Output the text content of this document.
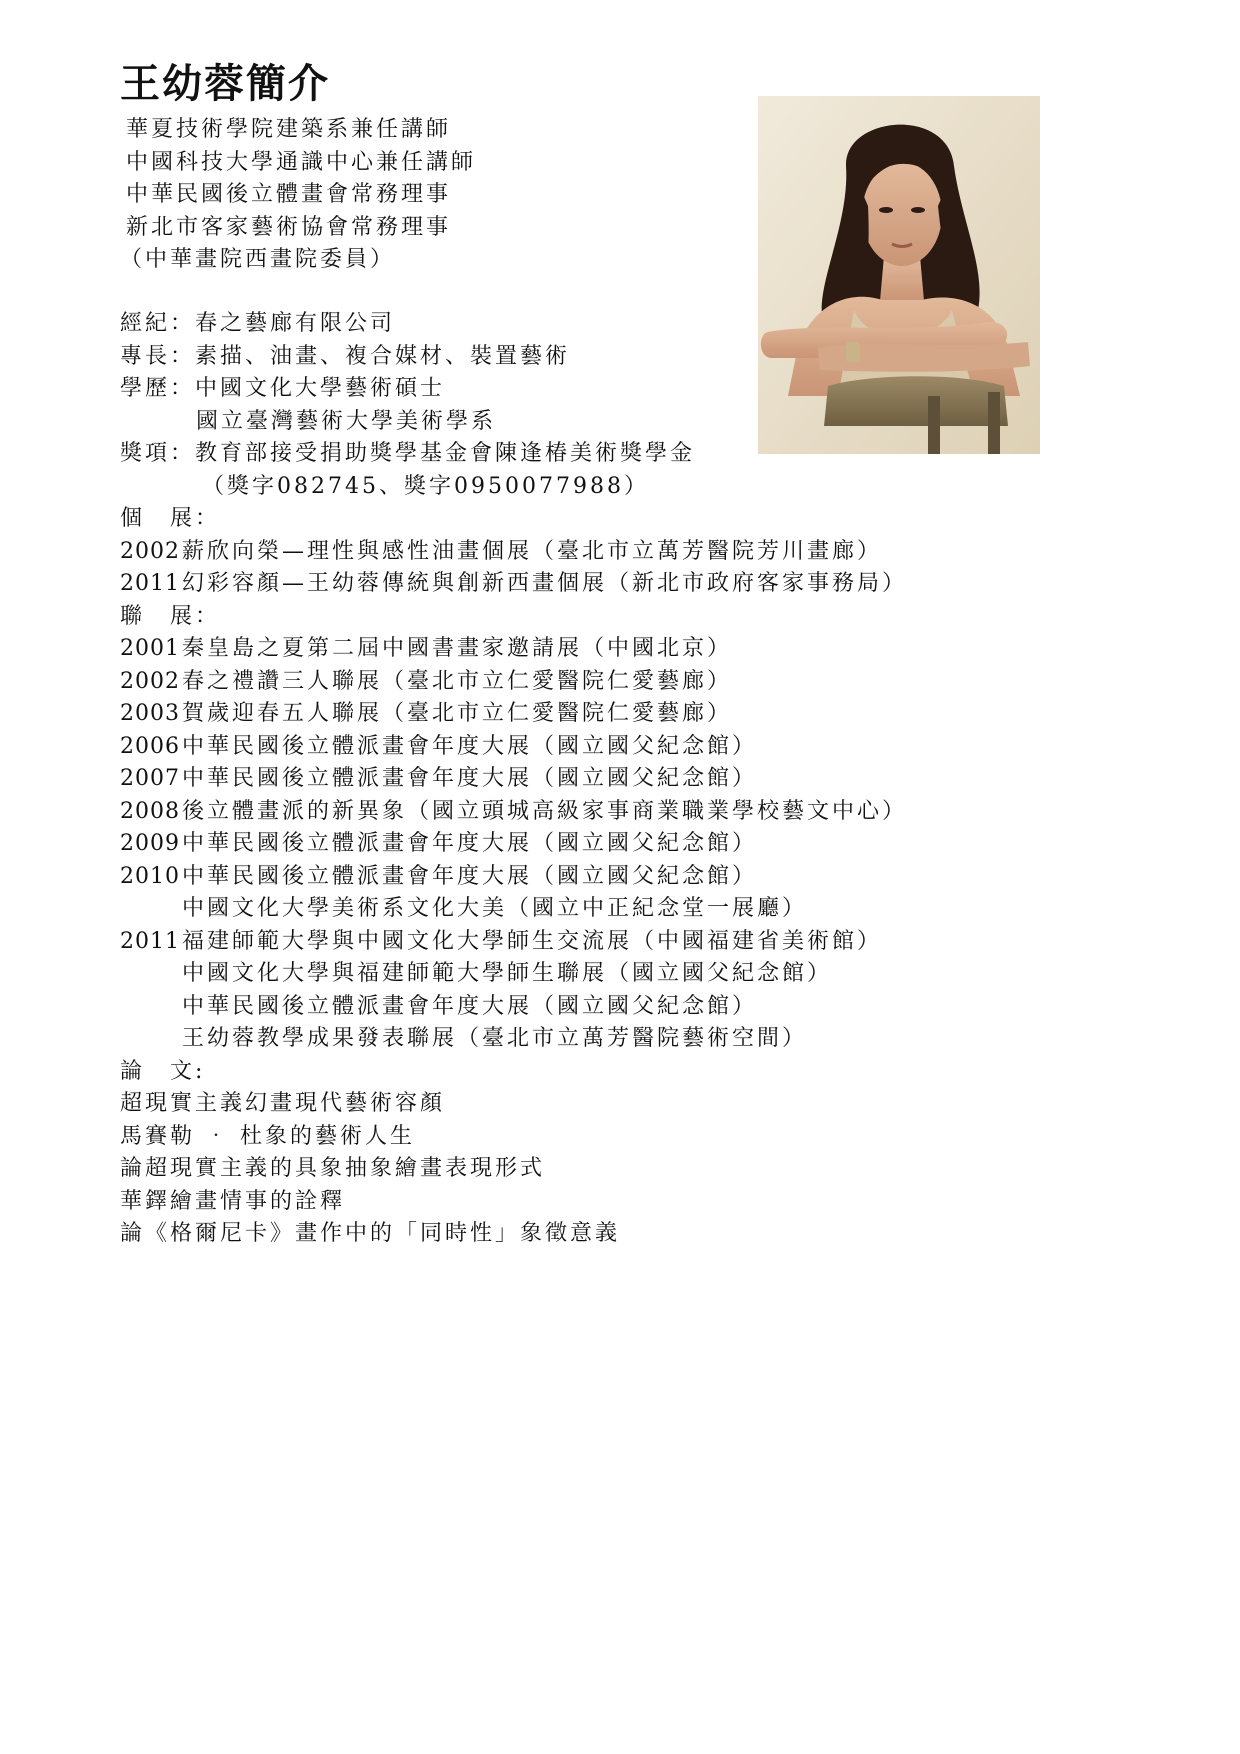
王幼蓉簡介
華夏技術學院建築系兼任講師
中國科技大學通識中心兼任講師
中華民國後立體畫會常務理事
新北市客家藝術協會常務理事
（中華畫院西畫院委員）
經紀：春之藝廊有限公司
專長：素描、油畫、複合媒材、裝置藝術
學歷：中國文化大學藝術碩士
國立臺灣藝術大學美術學系
獎項：教育部接受捐助獎學基金會陳逢椿美術獎學金
（獎字082745、獎字0950077988）
個　展：
2002 薪欣向榮—理性與感性油畫個展（臺北市立萬芳醫院芳川畫廊）
2011 幻彩容顏—王幼蓉傳統與創新西畫個展（新北市政府客家事務局）
聯　展：
2001 秦皇島之夏第二屆中國書畫家邀請展（中國北京）
2002 春之禮讚三人聯展（臺北市立仁愛醫院仁愛藝廊）
2003 賀歲迎春五人聯展（臺北市立仁愛醫院仁愛藝廊）
2006 中華民國後立體派畫會年度大展（國立國父紀念館）
2007 中華民國後立體派畫會年度大展（國立國父紀念館）
2008 後立體畫派的新異象（國立頭城高級家事商業職業學校藝文中心）
2009 中華民國後立體派畫會年度大展（國立國父紀念館）
2010 中華民國後立體派畫會年度大展（國立國父紀念館）
中國文化大學美術系文化大美（國立中正紀念堂一展廳）
2011 福建師範大學與中國文化大學師生交流展（中國福建省美術館）
中國文化大學與福建師範大學師生聯展（國立國父紀念館）
中華民國後立體派畫會年度大展（國立國父紀念館）
王幼蓉教學成果發表聯展（臺北市立萬芳醫院藝術空間）
論　文:
超現實主義幻畫現代藝術容顏
馬賽勒 ‧ 杜象的藝術人生
論超現實主義的具象抽象繪畫表現形式
華鐸繪畫情事的詮釋
論《格爾尼卡》畫作中的「同時性」象徵意義
